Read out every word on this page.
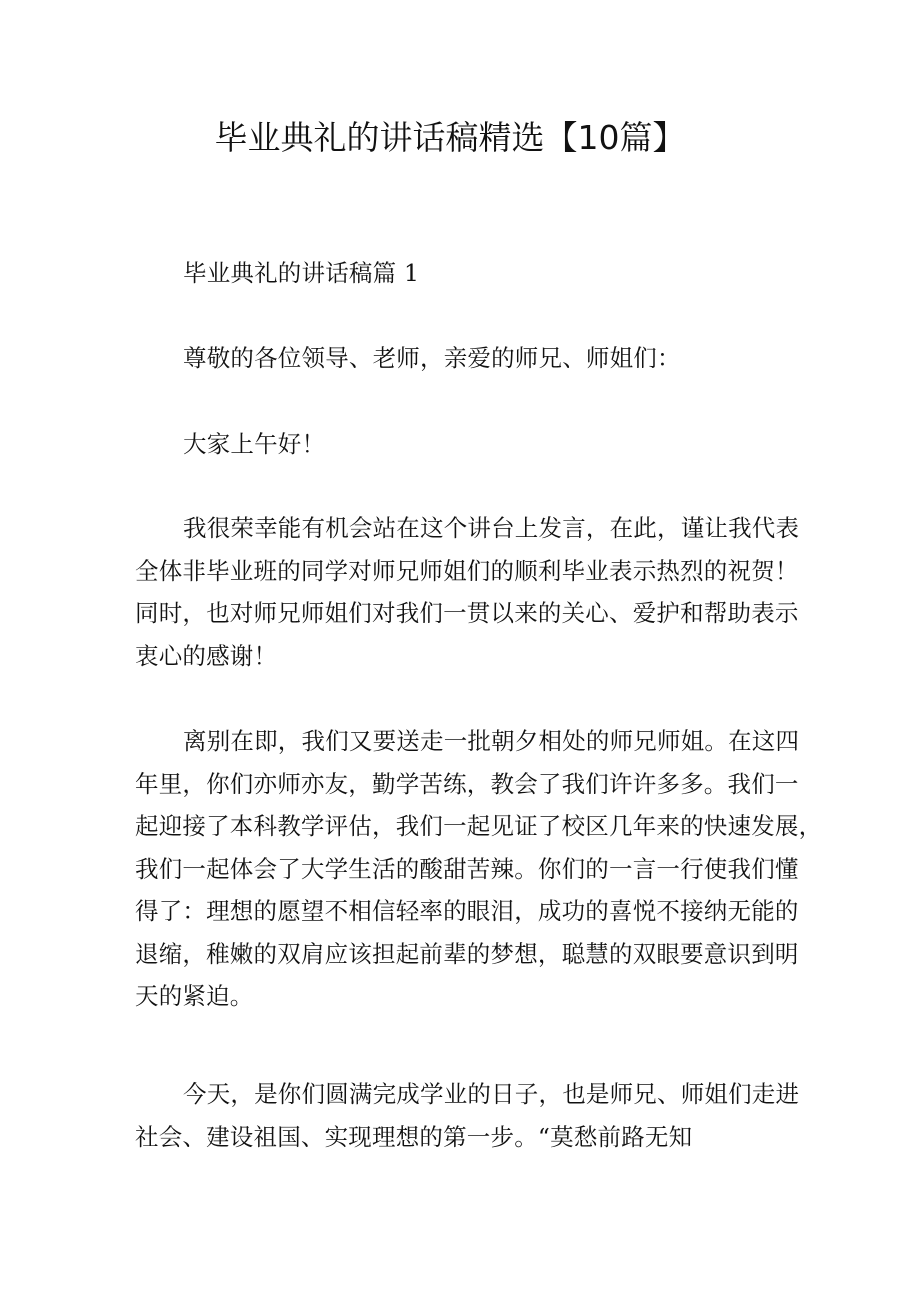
毕业典礼的讲话稿精选【10篇】
毕业典礼的讲话稿篇 1
尊敬的各位领导、老师，亲爱的师兄、师姐们：
大家上午好！
我很荣幸能有机会站在这个讲台上发言，在此，谨让我代表
全体非毕业班的同学对师兄师姐们的顺利毕业表示热烈的祝贺！
同时，也对师兄师姐们对我们一贯以来的关心、爱护和帮助表示
衷心的感谢！
离别在即，我们又要送走一批朝夕相处的师兄师姐。在这四
年里，你们亦师亦友，勤学苦练，教会了我们许许多多。我们一
起迎接了本科教学评估，我们一起见证了校区几年来的快速发展，
我们一起体会了大学生活的酸甜苦辣。你们的一言一行使我们懂
得了：理想的愿望不相信轻率的眼泪，成功的喜悦不接纳无能的
退缩，稚嫩的双肩应该担起前辈的梦想，聪慧的双眼要意识到明
天的紧迫。
今天，是你们圆满完成学业的日子，也是师兄、师姐们走进
社会、建设祖国、实现理想的第一步。“莫愁前路无知
